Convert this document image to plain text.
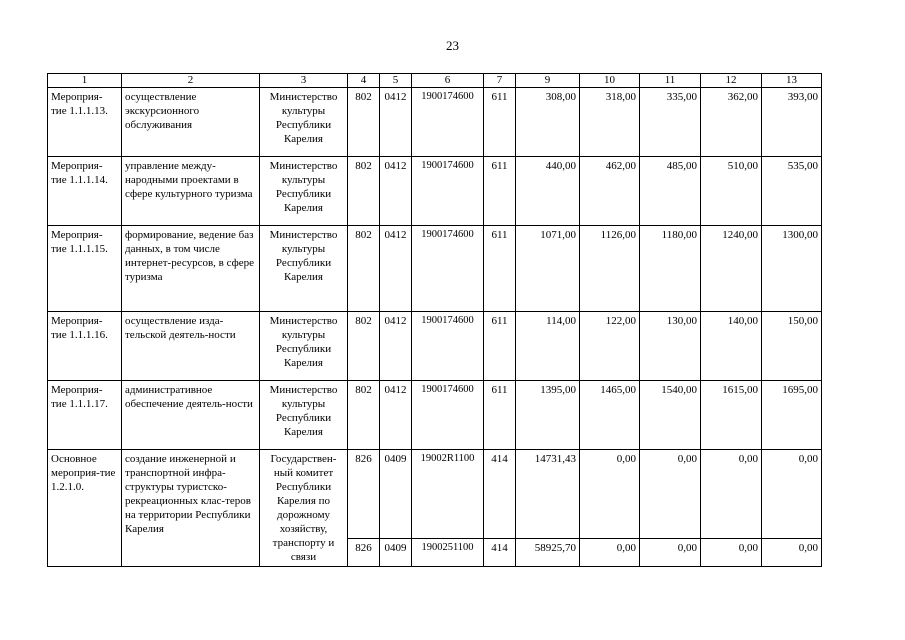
23
1	2	3	4	5	6	7	9	10	11	12	13
Мероприя-тие 1.1.1.13.	осуществление экскурсионного обслуживания	Министерство культуры Республики Карелия	802	0412	1900174600	611	308,00	318,00	335,00	362,00	393,00
Мероприя-тие 1.1.1.14.	управление между-народными проектами в сфере культурного туризма	Министерство культуры Республики Карелия	802	0412	1900174600	611	440,00	462,00	485,00	510,00	535,00
Мероприя-тие 1.1.1.15.	формирование, ведение баз данных, в том числе интернет-ресурсов, в сфере туризма	Министерство культуры Республики Карелия	802	0412	1900174600	611	1071,00	1126,00	1180,00	1240,00	1300,00
Мероприя-тие 1.1.1.16.	осуществление изда-тельской деятель-ности	Министерство культуры Республики Карелия	802	0412	1900174600	611	114,00	122,00	130,00	140,00	150,00
Мероприя-тие 1.1.1.17.	административное обеспечение деятель-ности	Министерство культуры Республики Карелия	802	0412	1900174600	611	1395,00	1465,00	1540,00	1615,00	1695,00
Основное мероприя-тие 1.2.1.0.	создание инженерной и транспортной инфра-структуры туристско-рекреационных клас-теров на территории Республики Карелия	Государствен-ный комитет Республики Карелия по дорожному хозяйству, транспорту и связи	826	0409	19002R1100	414	14731,43	0,00	0,00	0,00	0,00
			826	0409	1900251100	414	58925,70	0,00	0,00	0,00	0,00
